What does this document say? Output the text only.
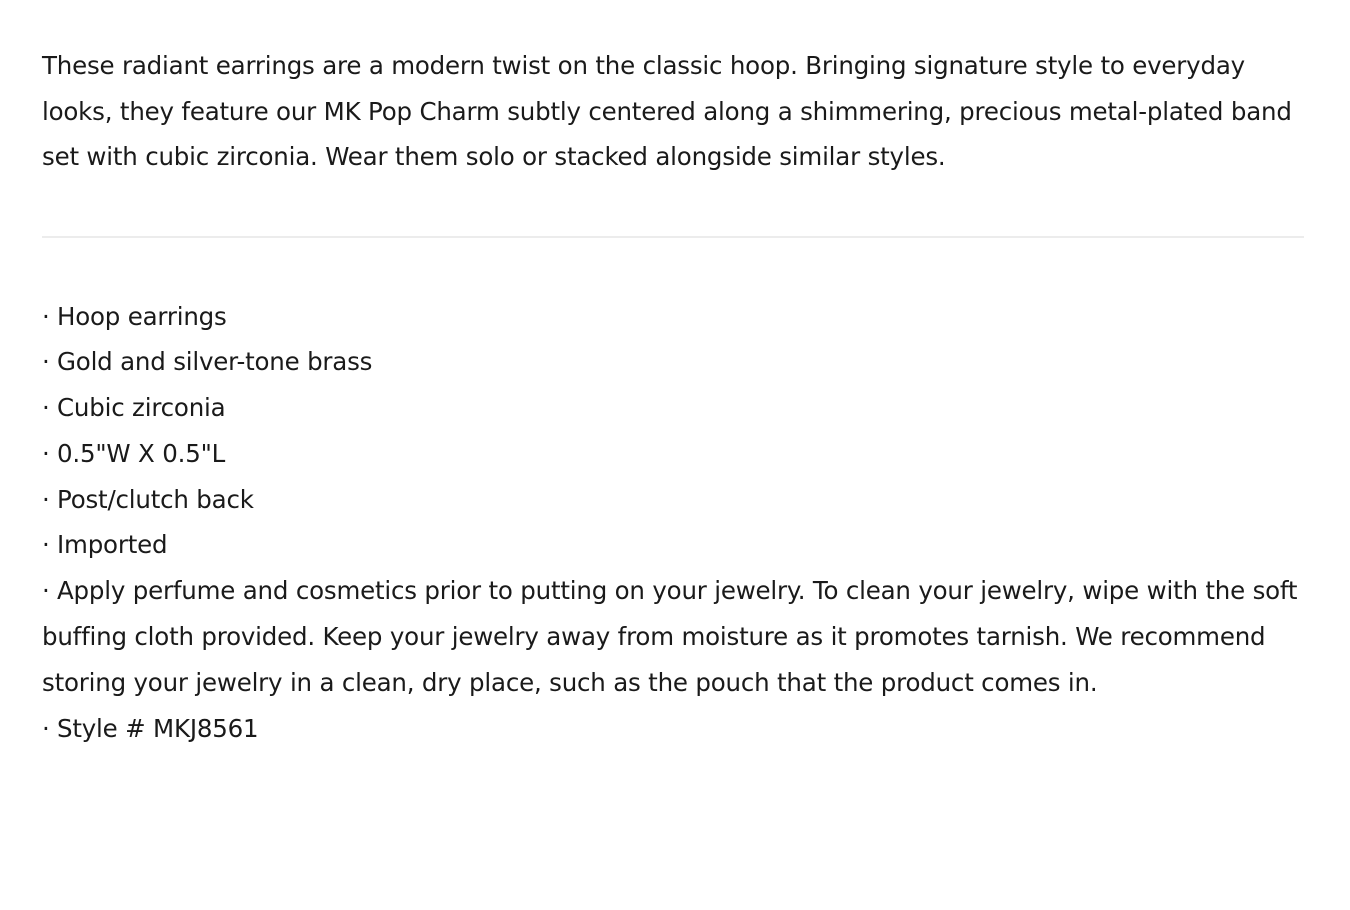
These radiant earrings are a modern twist on the classic hoop. Bringing signature style to everyday looks, they feature our MK Pop Charm subtly centered along a shimmering, precious metal-plated band set with cubic zirconia. Wear them solo or stacked alongside similar styles.

· Hoop earrings
· Gold and silver-tone brass
· Cubic zirconia
· 0.5"W X 0.5"L
· Post/clutch back
· Imported
· Apply perfume and cosmetics prior to putting on your jewelry. To clean your jewelry, wipe with the soft buffing cloth provided. Keep your jewelry away from moisture as it promotes tarnish. We recommend storing your jewelry in a clean, dry place, such as the pouch that the product comes in.
· Style # MKJ8561
